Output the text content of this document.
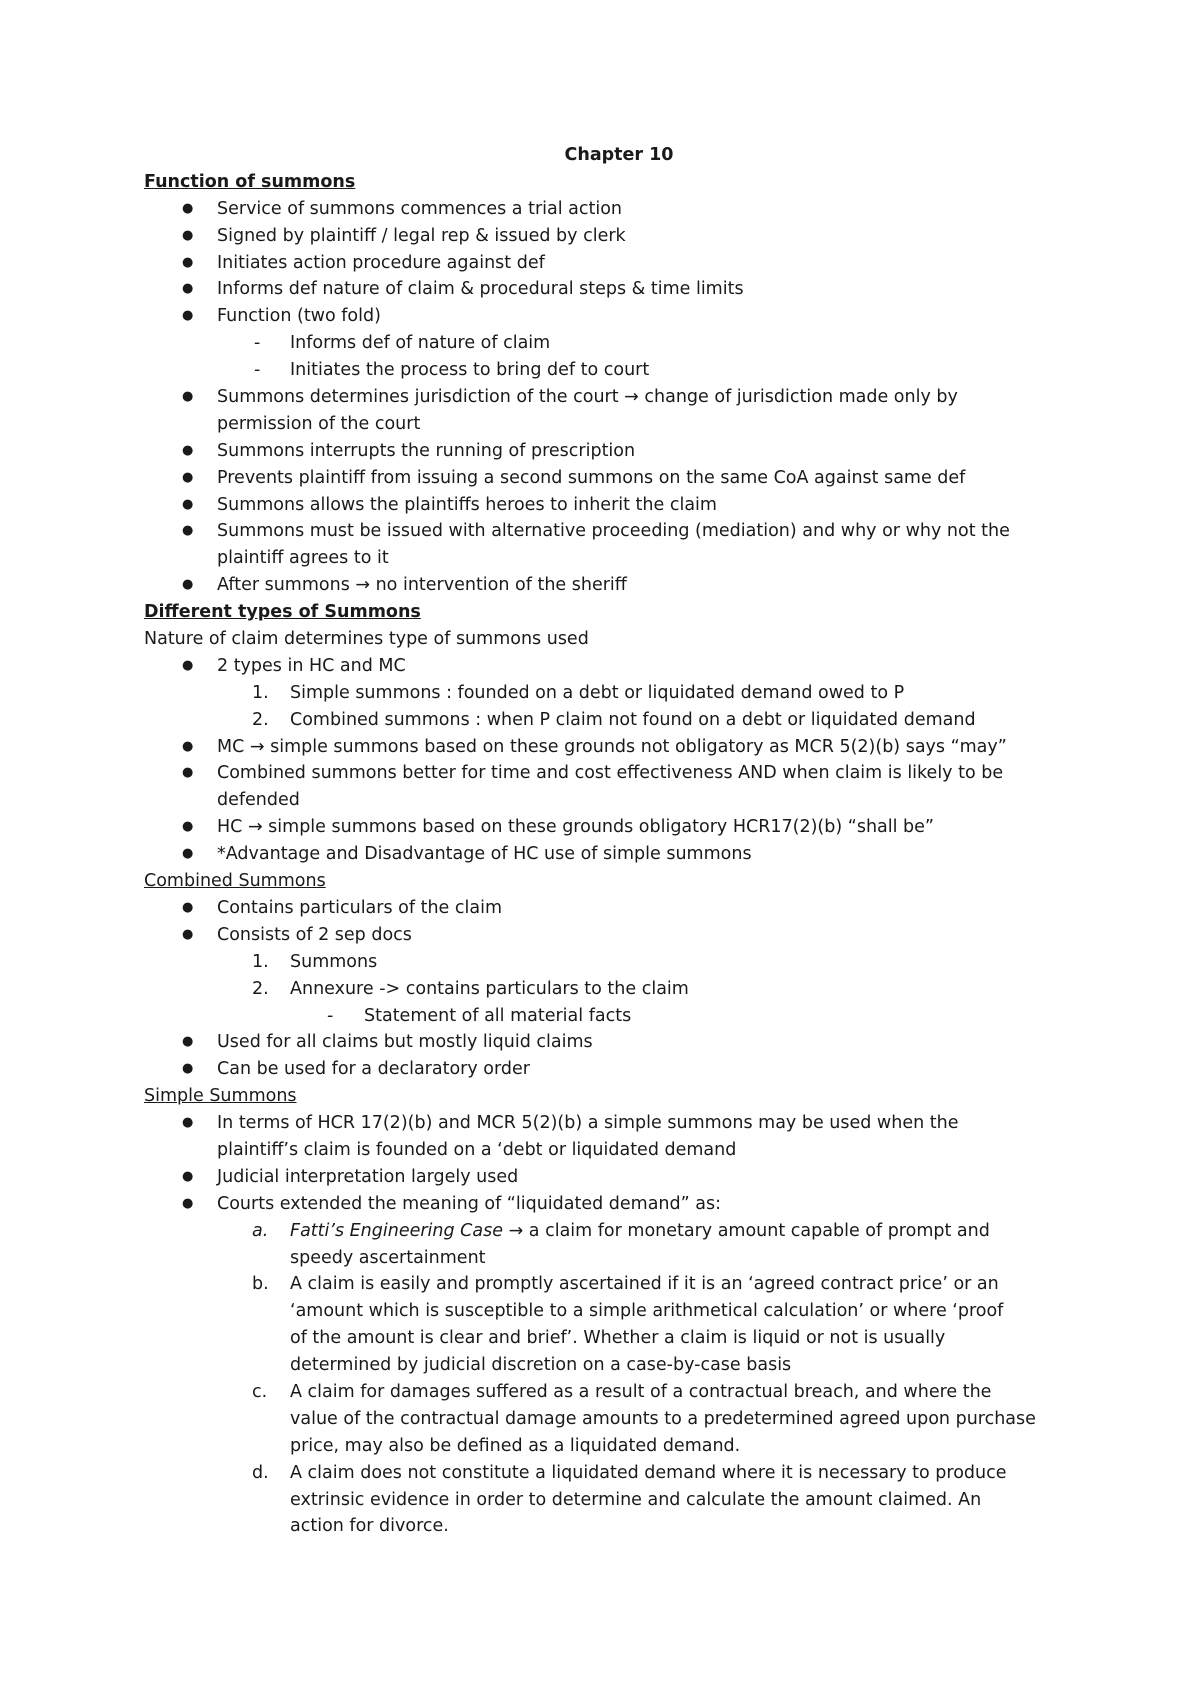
Chapter 10
Function of summons
● Service of summons commences a trial action
● Signed by plaintiff / legal rep & issued by clerk
● Initiates action procedure against def
● Informs def nature of claim & procedural steps & time limits
● Function (two fold)
- Informs def of nature of claim
- Initiates the process to bring def to court
● Summons determines jurisdiction of the court → change of jurisdiction made only by
permission of the court
● Summons interrupts the running of prescription
● Prevents plaintiff from issuing a second summons on the same CoA against same def
● Summons allows the plaintiffs heroes to inherit the claim
● Summons must be issued with alternative proceeding (mediation) and why or why not the
plaintiff agrees to it
● After summons → no intervention of the sheriff
Different types of Summons
Nature of claim determines type of summons used
● 2 types in HC and MC
1. Simple summons : founded on a debt or liquidated demand owed to P
2. Combined summons : when P claim not found on a debt or liquidated demand
● MC → simple summons based on these grounds not obligatory as MCR 5(2)(b) says “may”
● Combined summons better for time and cost effectiveness AND when claim is likely to be
defended
● HC → simple summons based on these grounds obligatory HCR17(2)(b) “shall be”
● *Advantage and Disadvantage of HC use of simple summons
Combined Summons
● Contains particulars of the claim
● Consists of 2 sep docs
1. Summons
2. Annexure -> contains particulars to the claim
- Statement of all material facts
● Used for all claims but mostly liquid claims
● Can be used for a declaratory order
Simple Summons
● In terms of HCR 17(2)(b) and MCR 5(2)(b) a simple summons may be used when the
plaintiff’s claim is founded on a ‘debt or liquidated demand
● Judicial interpretation largely used
● Courts extended the meaning of “liquidated demand” as:
a. Fatti’s Engineering Case → a claim for monetary amount capable of prompt and
speedy ascertainment
b. A claim is easily and promptly ascertained if it is an ‘agreed contract price’ or an
‘amount which is susceptible to a simple arithmetical calculation’ or where ‘proof
of the amount is clear and brief’. Whether a claim is liquid or not is usually
determined by judicial discretion on a case-by-case basis
c. A claim for damages suffered as a result of a contractual breach, and where the
value of the contractual damage amounts to a predetermined agreed upon purchase
price, may also be defined as a liquidated demand.
d. A claim does not constitute a liquidated demand where it is necessary to produce
extrinsic evidence in order to determine and calculate the amount claimed. An
action for divorce.
